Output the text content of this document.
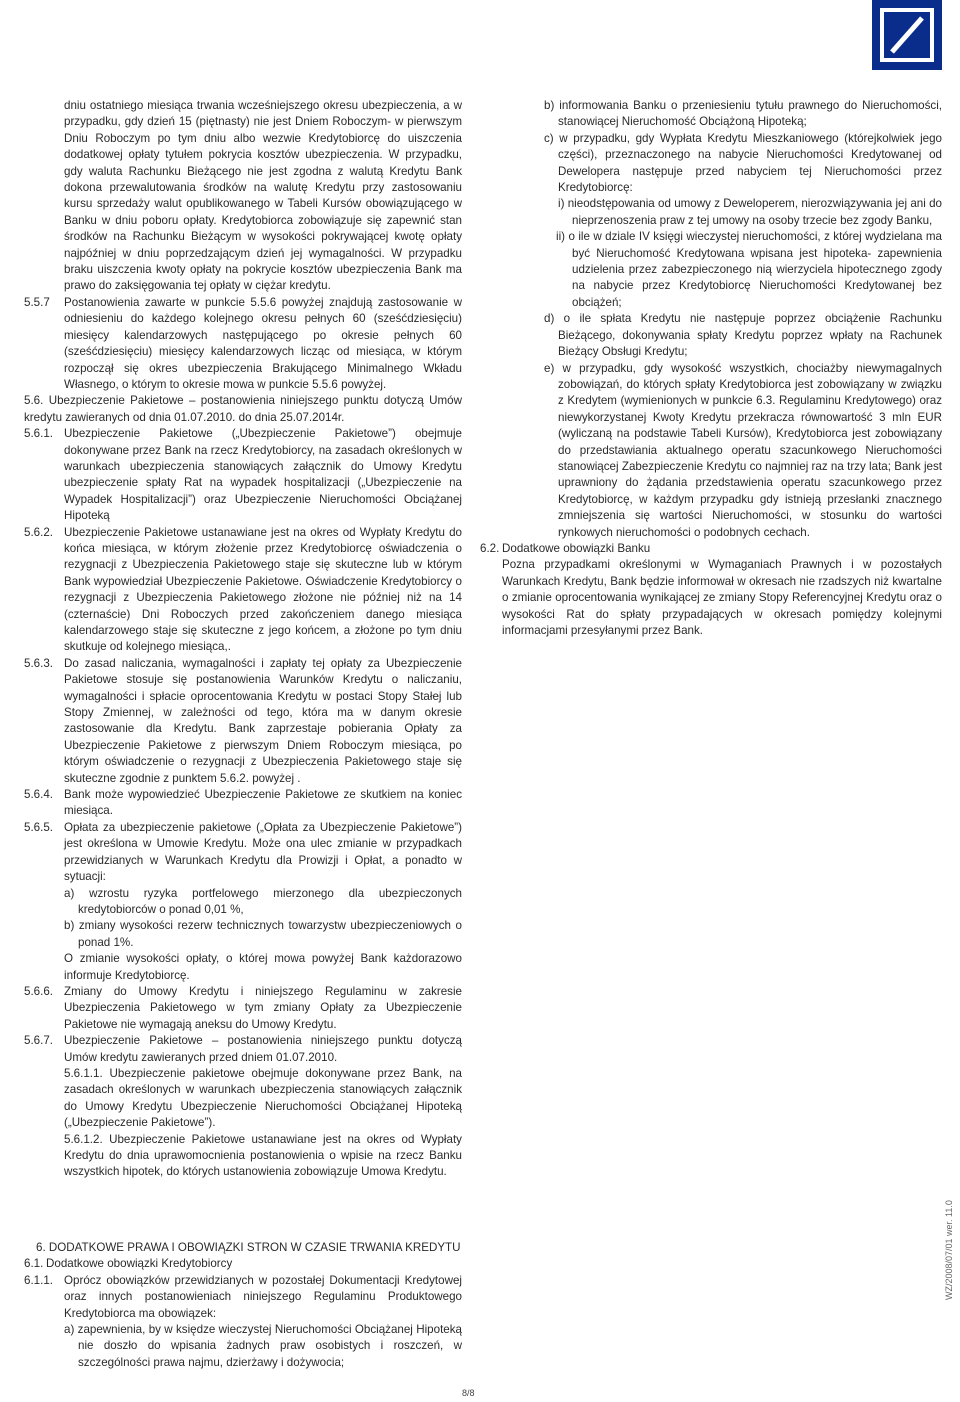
dniu ostatniego miesiąca trwania wcześniejszego okresu ubezpieczenia, a w przypadku, gdy dzień 15 (piętnasty) nie jest Dniem Roboczym- w pierwszym Dniu Roboczym po tym dniu albo wezwie Kredytobiorcę do uiszczenia dodatkowej opłaty tytułem pokrycia kosztów ubezpieczenia. W przypadku, gdy waluta Rachunku Bieżącego nie jest zgodna z walutą Kredytu Bank dokona przewalutowania środków na walutę Kredytu przy zastosowaniu kursu sprzedaży walut opublikowanego w Tabeli Kursów obowiązującego w Banku w dniu poboru opłaty. Kredytobiorca zobowiązuje się zapewnić stan środków na Rachunku Bieżącym w wysokości pokrywającej kwotę opłaty najpóźniej w dniu poprzedzającym dzień jej wymagalności. W przypadku braku uiszczenia kwoty opłaty na pokrycie kosztów ubezpieczenia Bank ma prawo do zaksięgowania tej opłaty w ciężar kredytu.
5.5.7 Postanowienia zawarte w punkcie 5.5.6 powyżej znajdują zastosowanie w odniesieniu do każdego kolejnego okresu pełnych 60 (sześćdziesięciu) miesięcy kalendarzowych następującego po okresie pełnych 60 (sześćdziesięciu) miesięcy kalendarzowych licząc od miesiąca, w którym rozpoczął się okres ubezpieczenia Brakującego Minimalnego Wkładu Własnego, o którym to okresie mowa w punkcie 5.5.6 powyżej.
5.6. Ubezpieczenie Pakietowe – postanowienia niniejszego punktu dotyczą Umów kredytu zawieranych od dnia 01.07.2010. do dnia 25.07.2014r.
5.6.1. Ubezpieczenie Pakietowe („Ubezpieczenie Pakietowe”) obejmuje dokonywane przez Bank na rzecz Kredytobiorcy, na zasadach określonych w warunkach ubezpieczenia stanowiących załącznik do Umowy Kredytu ubezpieczenie spłaty Rat na wypadek hospitalizacji („Ubezpieczenie na Wypadek Hospitalizacji”) oraz Ubezpieczenie Nieruchomości Obciążanej Hipoteką
5.6.2. Ubezpieczenie Pakietowe ustanawiane jest na okres od Wypłaty Kredytu do końca miesiąca, w którym złożenie przez Kredytobiorcę oświadczenia o rezygnacji z Ubezpieczenia Pakietowego staje się skuteczne lub w którym Bank wypowiedział Ubezpieczenie Pakietowe. Oświadczenie Kredytobiorcy o rezygnacji z Ubezpieczenia Pakietowego złożone nie później niż na 14 (czternaście) Dni Roboczych przed zakończeniem danego miesiąca kalendarzowego staje się skuteczne z jego końcem, a złożone po tym dniu skutkuje od kolejnego miesiąca,.
5.6.3. Do zasad naliczania, wymagalności i zapłaty tej opłaty za Ubezpieczenie Pakietowe stosuje się postanowienia Warunków Kredytu o naliczaniu, wymagalności i spłacie oprocentowania Kredytu w postaci Stopy Stałej lub Stopy Zmiennej, w zależności od tego, która ma w danym okresie zastosowanie dla Kredytu. Bank zaprzestaje pobierania Opłaty za Ubezpieczenie Pakietowe z pierwszym Dniem Roboczym miesiąca, po którym oświadczenie o rezygnacji z Ubezpieczenia Pakietowego staje się skuteczne zgodnie z punktem 5.6.2. powyżej .
5.6.4. Bank może wypowiedzieć Ubezpieczenie Pakietowe ze skutkiem na koniec miesiąca.
5.6.5. Opłata za ubezpieczenie pakietowe („Opłata za Ubezpieczenie Pakietowe”) jest określona w Umowie Kredytu. Może ona ulec zmianie w przypadkach przewidzianych w Warunkach Kredytu dla Prowizji i Opłat, a ponadto w sytuacji:
a) wzrostu ryzyka portfelowego mierzonego dla ubezpieczonych kredytobiorców o ponad 0,01 %,
b) zmiany wysokości rezerw technicznych towarzystw ubezpieczeniowych o ponad 1%.
O zmianie wysokości opłaty, o której mowa powyżej Bank każdorazowo informuje Kredytobiorcę.
5.6.6. Zmiany do Umowy Kredytu i niniejszego Regulaminu w zakresie Ubezpieczenia Pakietowego w tym zmiany Opłaty za Ubezpieczenie Pakietowe nie wymagają aneksu do Umowy Kredytu.
5.6.7. Ubezpieczenie Pakietowe – postanowienia niniejszego punktu dotyczą Umów kredytu zawieranych przed dniem 01.07.2010.
5.6.1.1. Ubezpieczenie pakietowe obejmuje dokonywane przez Bank, na zasadach określonych w warunkach ubezpieczenia stanowiących załącznik do Umowy Kredytu Ubezpieczenie Nieruchomości Obciążanej Hipoteką („Ubezpieczenie Pakietowe”).
5.6.1.2. Ubezpieczenie Pakietowe ustanawiane jest na okres od Wypłaty Kredytu do dnia uprawomocnienia postanowienia o wpisie na rzecz Banku wszystkich hipotek, do których ustanowienia zobowiązuje Umowa Kredytu.
b) informowania Banku o przeniesieniu tytułu prawnego do Nieruchomości, stanowiącej Nieruchomość Obciążoną Hipoteką;
c) w przypadku, gdy Wypłata Kredytu Mieszkaniowego (którejkolwiek jego części), przeznaczonego na nabycie Nieruchomości Kredytowanej od Dewelopera następuje przed nabyciem tej Nieruchomości przez Kredytobiorcę:
i) nieodstępowania od umowy z Deweloperem, nierozwiązywania jej ani do nieprzenoszenia praw z tej umowy na osoby trzecie bez zgody Banku,
ii) o ile w dziale IV księgi wieczystej nieruchomości, z której wydzielana ma być Nieruchomość Kredytowana wpisana jest hipoteka- zapewnienia udzielenia przez zabezpieczonego nią wierzyciela hipotecznego zgody na nabycie przez Kredytobiorcę Nieruchomości Kredytowanej bez obciążeń;
d) o ile spłata Kredytu nie następuje poprzez obciążenie Rachunku Bieżącego, dokonywania spłaty Kredytu poprzez wpłaty na Rachunek Bieżący Obsługi Kredytu;
e) w przypadku, gdy wysokość wszystkich, chociażby niewymagalnych zobowiązań, do których spłaty Kredytobiorca jest zobowiązany w związku z Kredytem (wymienionych w punkcie 6.3. Regulaminu Kredytowego) oraz niewykorzystanej Kwoty Kredytu przekracza równowartość 3 mln EUR (wyliczaną na podstawie Tabeli Kursów), Kredytobiorca jest zobowiązany do przedstawiania aktualnego operatu szacunkowego Nieruchomości stanowiącej Zabezpieczenie Kredytu co najmniej raz na trzy lata; Bank jest uprawniony do żądania przedstawienia operatu szacunkowego przez Kredytobiorcę, w każdym przypadku gdy istnieją przesłanki znacznego zmniejszenia się wartości Nieruchomości, w stosunku do wartości rynkowych nieruchomości o podobnych cechach.
6.2. Dodatkowe obowiązki Banku
Pozna przypadkami określonymi w Wymaganiach Prawnych i w pozostałych Warunkach Kredytu, Bank będzie informował w okresach nie rzadszych niż kwartalne o zmianie oprocentowania wynikającej ze zmiany Stopy Referencyjnej Kredytu oraz o wysokości Rat do spłaty przypadających w okresach pomiędzy kolejnymi informacjami przesyłanymi przez Bank.
6. DODATKOWE PRAWA I OBOWIĄZKI STRON W CZASIE TRWANIA KREDYTU
6.1. Dodatkowe obowiązki Kredytobiorcy
6.1.1. Oprócz obowiązków przewidzianych w pozostałej Dokumentacji Kredytowej oraz innych postanowieniach niniejszego Regulaminu Produktowego Kredytobiorca ma obowiązek:
a) zapewnienia, by w księdze wieczystej Nieruchomości Obciążanej Hipoteką nie doszło do wpisania żadnych praw osobistych i roszczeń, w szczególności prawa najmu, dzierżawy i dożywocia;
WZ/2008/07/01 wer. 11.0
8/8
